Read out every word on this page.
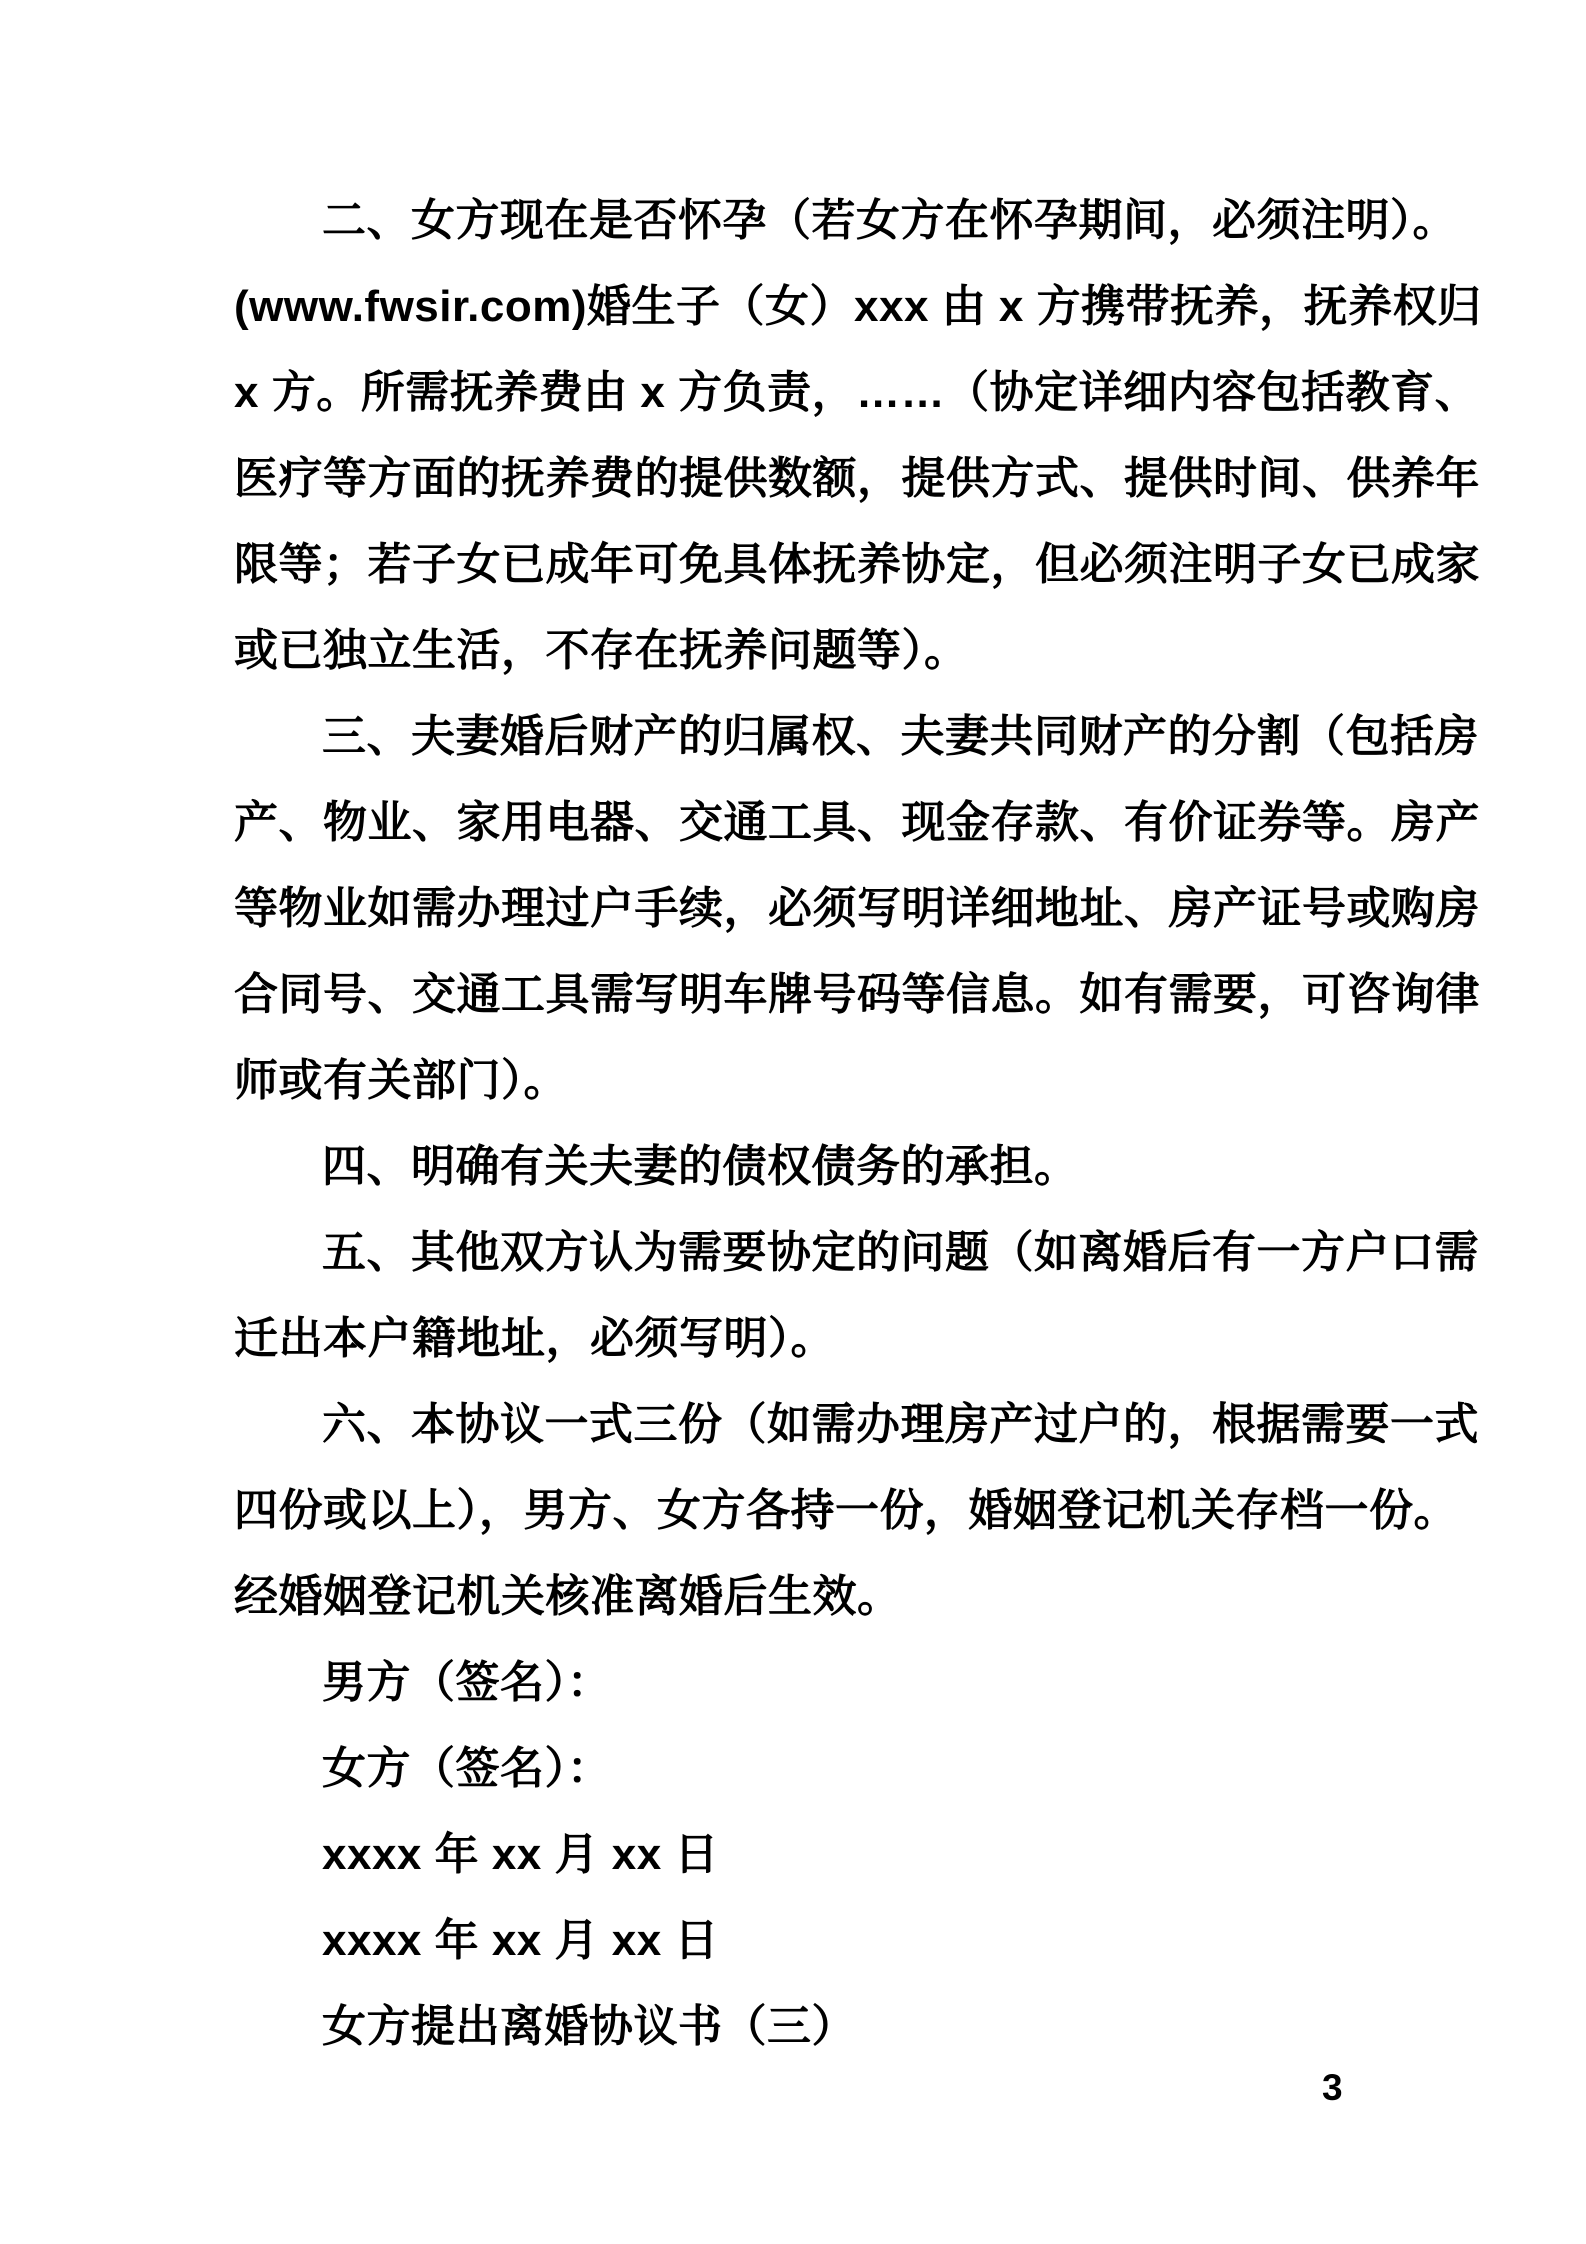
二、女方现在是否怀孕（若女方在怀孕期间，必须注明）。
(www.fwsir.com)婚生子（女）xxx 由 x 方携带抚养，抚养权归
x 方。所需抚养费由 x 方负责，……（协定详细内容包括教育、
医疗等方面的抚养费的提供数额，提供方式、提供时间、供养年
限等；若子女已成年可免具体抚养协定，但必须注明子女已成家
或已独立生活，不存在抚养问题等）。
三、夫妻婚后财产的归属权、夫妻共同财产的分割（包括房
产、物业、家用电器、交通工具、现金存款、有价证券等。房产
等物业如需办理过户手续，必须写明详细地址、房产证号或购房
合同号、交通工具需写明车牌号码等信息。如有需要，可咨询律
师或有关部门）。
四、明确有关夫妻的债权债务的承担。
五、其他双方认为需要协定的问题（如离婚后有一方户口需
迁出本户籍地址，必须写明）。
六、本协议一式三份（如需办理房产过户的，根据需要一式
四份或以上），男方、女方各持一份，婚姻登记机关存档一份。
经婚姻登记机关核准离婚后生效。
男方（签名）：
女方（签名）：
xxxx 年 xx 月 xx 日
xxxx 年 xx 月 xx 日
女方提出离婚协议书（三）
3
